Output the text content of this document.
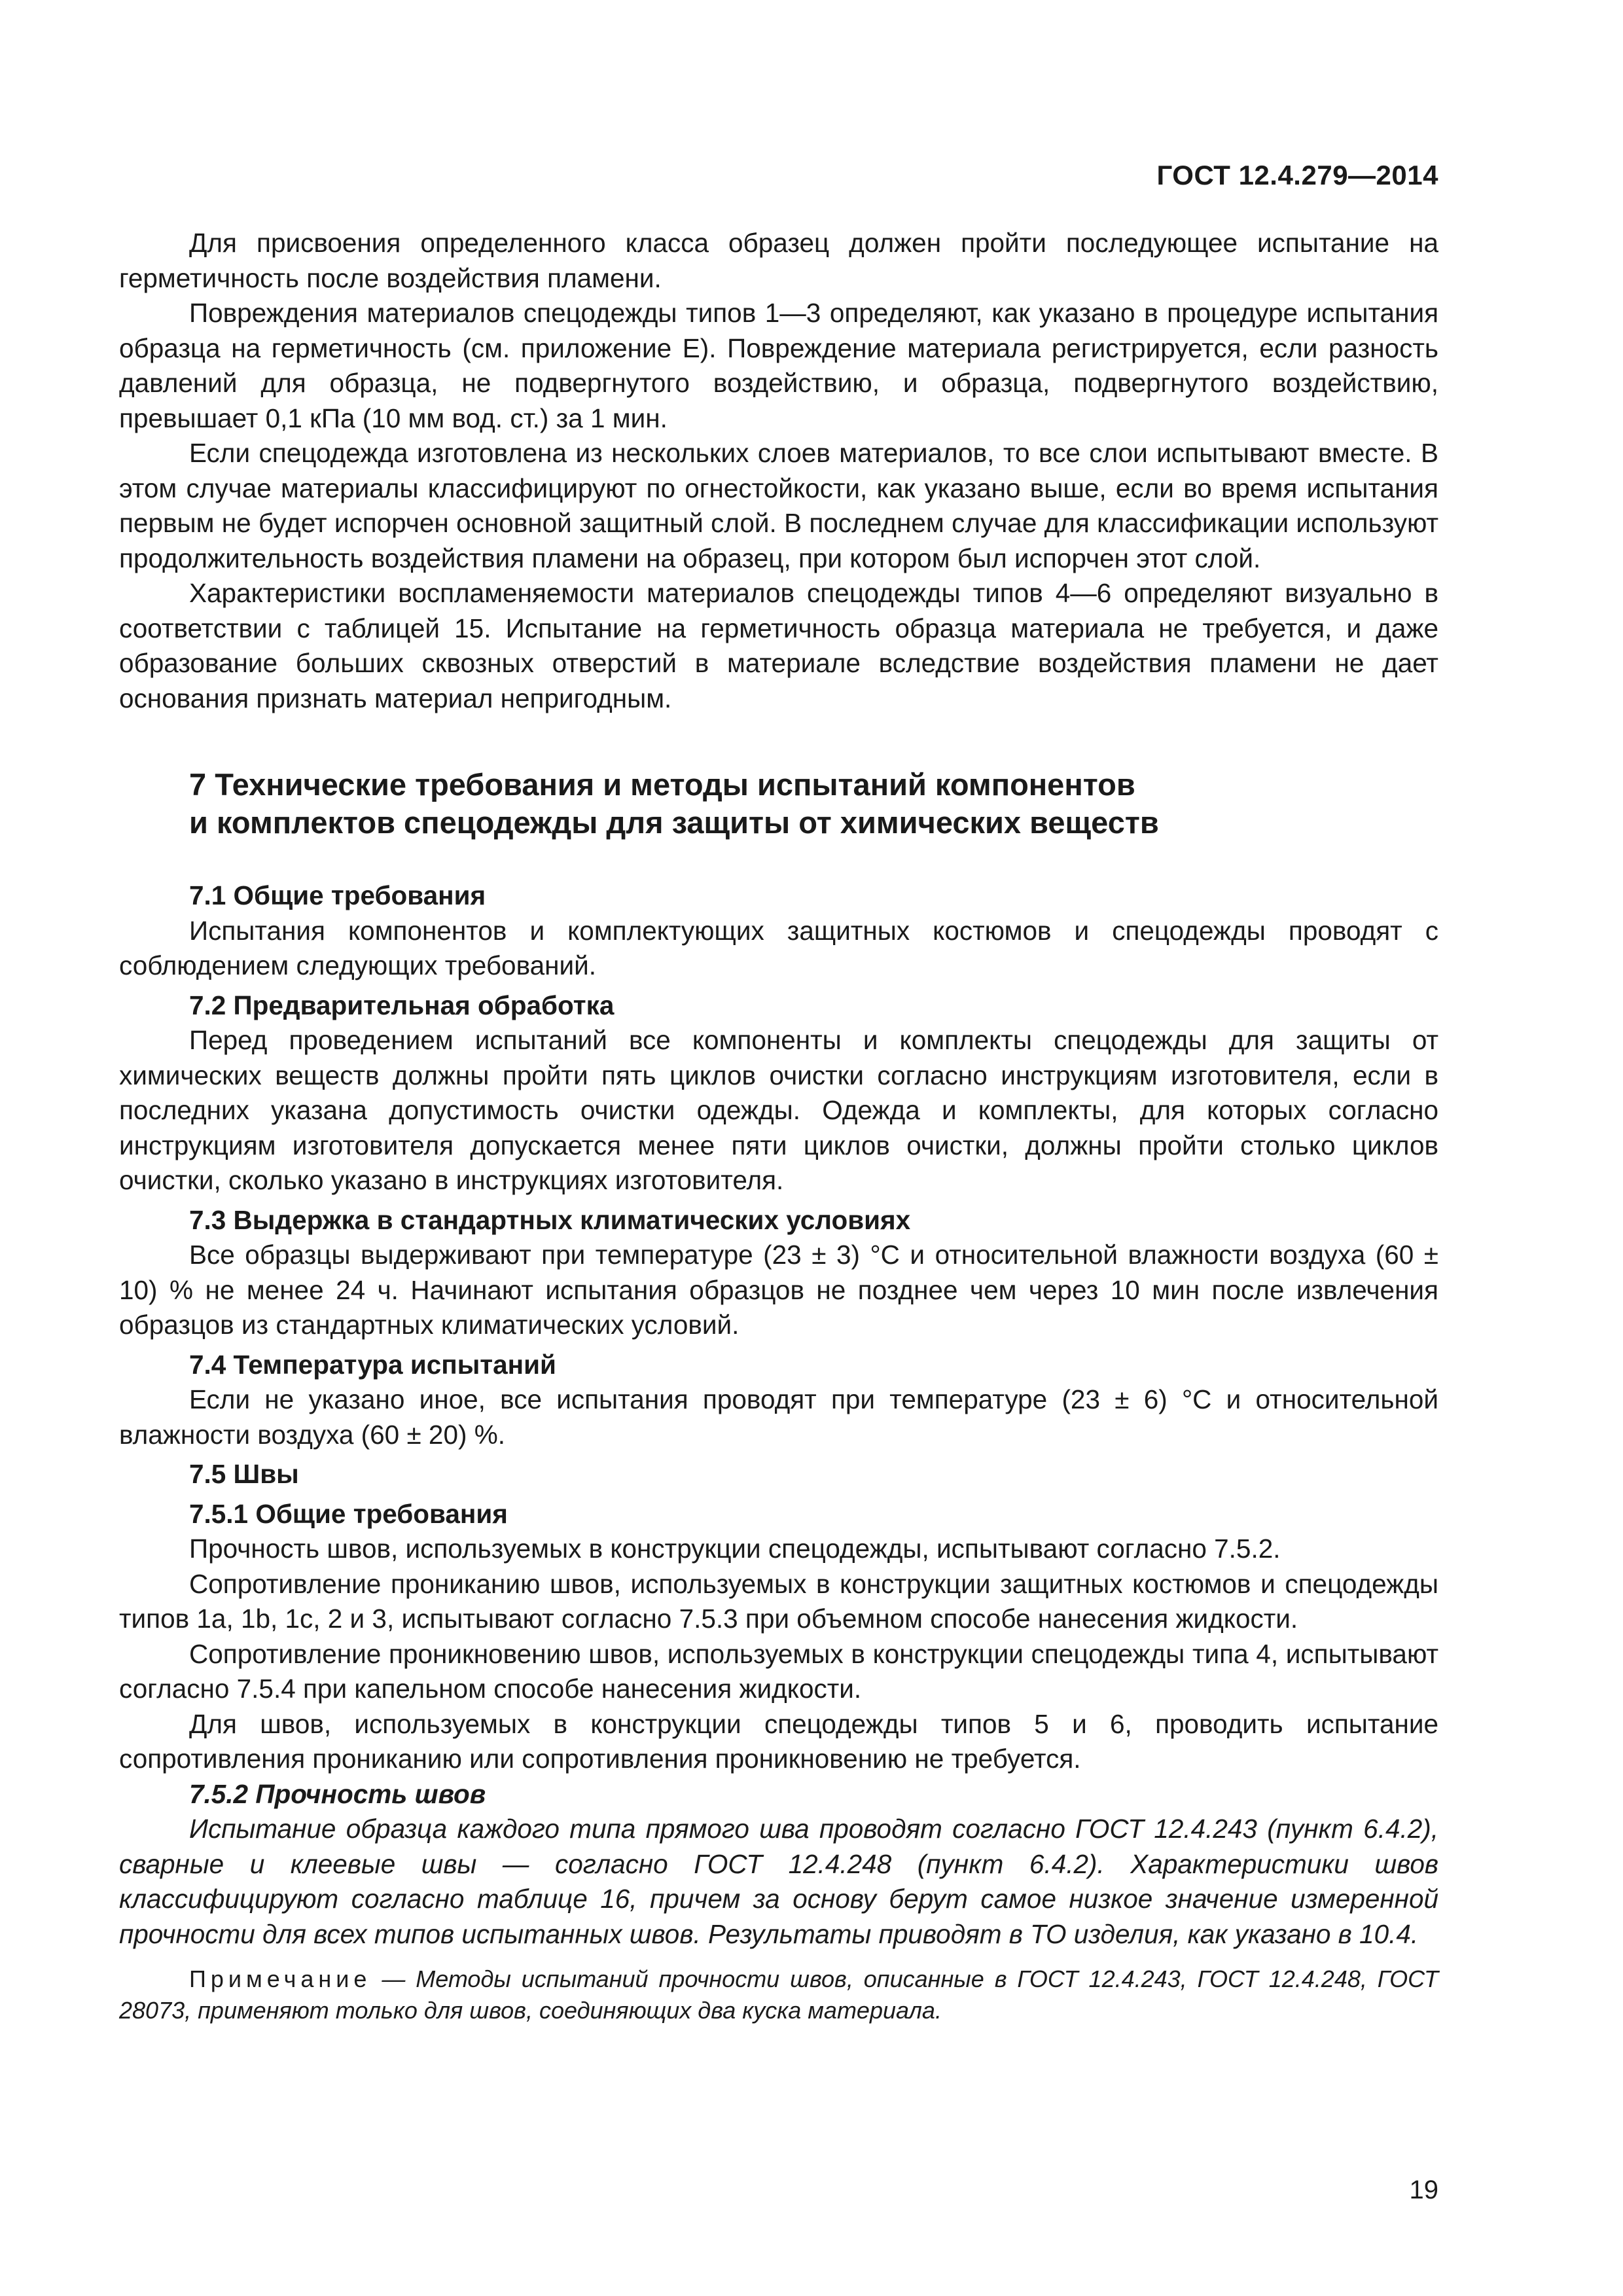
ГОСТ 12.4.279—2014

Для присвоения определенного класса образец должен пройти последующее испытание на герметичность после воздействия пламени.

Повреждения материалов спецодежды типов 1—3 определяют, как указано в процедуре испытания образца на герметичность (см. приложение Е). Повреждение материала регистрируется, если разность давлений для образца, не подвергнутого воздействию, и образца, подвергнутого воздействию, превышает 0,1 кПа (10 мм вод. ст.) за 1 мин.

Если спецодежда изготовлена из нескольких слоев материалов, то все слои испытывают вместе. В этом случае материалы классифицируют по огнестойкости, как указано выше, если во время испытания первым не будет испорчен основной защитный слой. В последнем случае для классификации используют продолжительность воздействия пламени на образец, при котором был испорчен этот слой.

Характеристики воспламеняемости материалов спецодежды типов 4—6 определяют визуально в соответствии с таблицей 15. Испытание на герметичность образца материала не требуется, и даже образование больших сквозных отверстий в материале вследствие воздействия пламени не дает основания признать материал непригодным.

7 Технические требования и методы испытаний компонентов
и комплектов спецодежды для защиты от химических веществ
7.1 Общие требования

Испытания компонентов и комплектующих защитных костюмов и спецодежды проводят с соблюдением следующих требований.

7.2 Предварительная обработка

Перед проведением испытаний все компоненты и комплекты спецодежды для защиты от химических веществ должны пройти пять циклов очистки согласно инструкциям изготовителя, если в последних указана допустимость очистки одежды. Одежда и комплекты, для которых согласно инструкциям изготовителя допускается менее пяти циклов очистки, должны пройти столько циклов очистки, сколько указано в инструкциях изготовителя.

7.3 Выдержка в стандартных климатических условиях

Все образцы выдерживают при температуре (23 ± 3) °С и относительной влажности воздуха (60 ± 10) % не менее 24 ч. Начинают испытания образцов не позднее чем через 10 мин после извлечения образцов из стандартных климатических условий.

7.4 Температура испытаний

Если не указано иное, все испытания проводят при температуре (23 ± 6) °С и относительной влажности воздуха (60 ± 20) %.

7.5 Швы
7.5.1 Общие требования

Прочность швов, используемых в конструкции спецодежды, испытывают согласно 7.5.2.

Сопротивление прониканию швов, используемых в конструкции защитных костюмов и спецодежды типов 1a, 1b, 1c, 2 и 3, испытывают согласно 7.5.3 при объемном способе нанесения жидкости.

Сопротивление проникновению швов, используемых в конструкции спецодежды типа 4, испытывают согласно 7.5.4 при капельном способе нанесения жидкости.

Для швов, используемых в конструкции спецодежды типов 5 и 6, проводить испытание сопротивления прониканию или сопротивления проникновению не требуется.

7.5.2 Прочность швов

Испытание образца каждого типа прямого шва проводят согласно ГОСТ 12.4.243 (пункт 6.4.2), сварные и клеевые швы — согласно ГОСТ 12.4.248 (пункт 6.4.2). Характеристики швов классифицируют согласно таблице 16, причем за основу берут самое низкое значение измеренной прочности для всех типов испытанных швов. Результаты приводят в ТО изделия, как указано в 10.4.

Примечание — Методы испытаний прочности швов, описанные в ГОСТ 12.4.243, ГОСТ 12.4.248, ГОСТ 28073, применяют только для швов, соединяющих два куска материала.
19
